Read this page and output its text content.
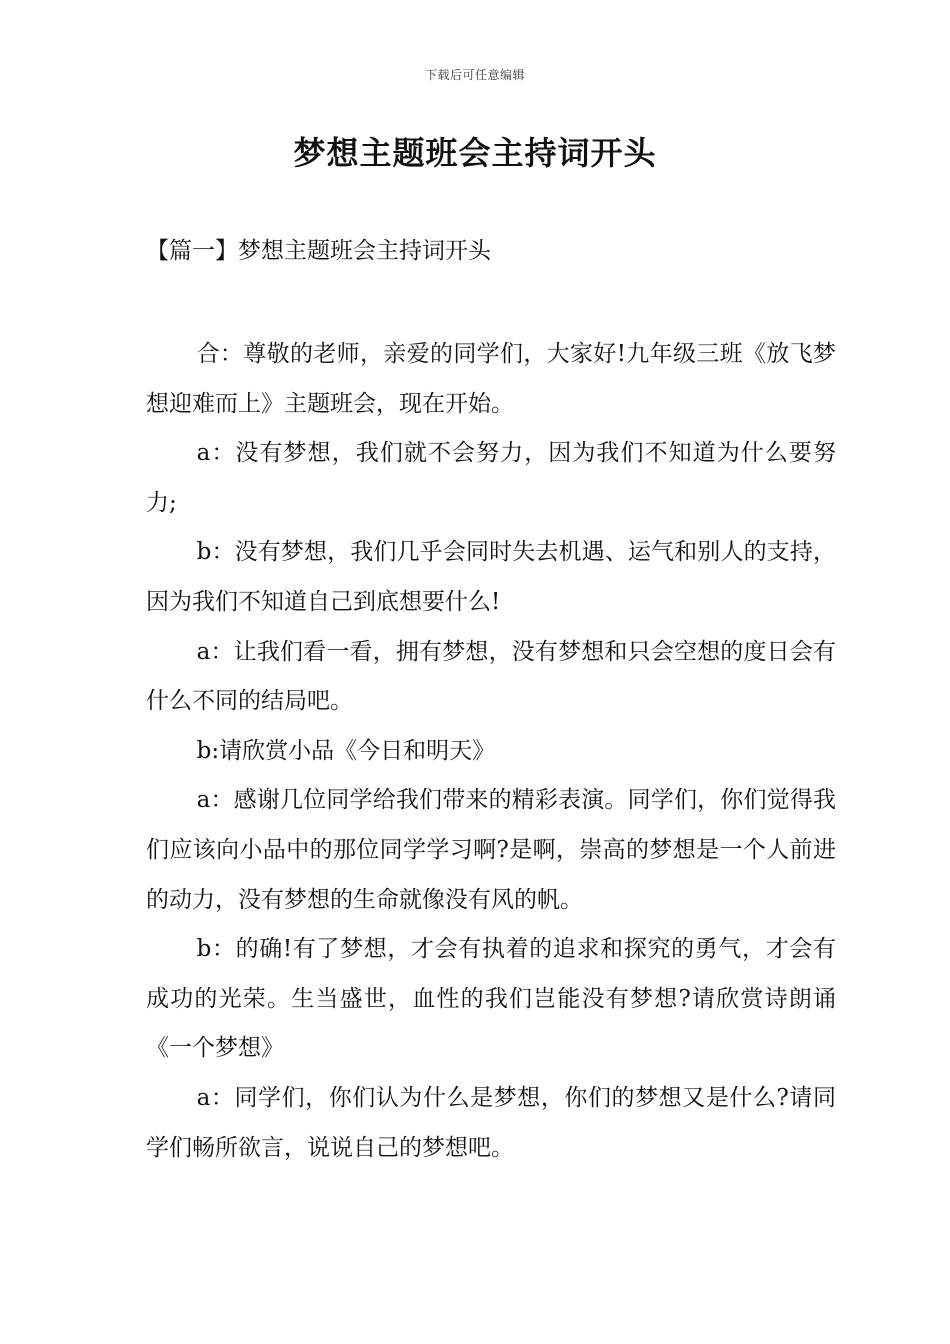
下载后可任意编辑
梦想主题班会主持词开头
【篇一】梦想主题班会主持词开头

合：尊敬的老师，亲爱的同学们，大家好!九年级三班《放飞梦想迎难而上》主题班会，现在开始。

a：没有梦想，我们就不会努力，因为我们不知道为什么要努力;

b：没有梦想，我们几乎会同时失去机遇、运气和别人的支持，因为我们不知道自己到底想要什么!

a：让我们看一看，拥有梦想，没有梦想和只会空想的度日会有什么不同的结局吧。

b:请欣赏小品《今日和明天》

a：感谢几位同学给我们带来的精彩表演。同学们，你们觉得我们应该向小品中的那位同学学习啊?是啊，崇高的梦想是一个人前进的动力，没有梦想的生命就像没有风的帆。

b：的确!有了梦想，才会有执着的追求和探究的勇气，才会有成功的光荣。生当盛世，血性的我们岂能没有梦想?请欣赏诗朗诵《一个梦想》

a：同学们，你们认为什么是梦想，你们的梦想又是什么?请同学们畅所欲言，说说自己的梦想吧。
